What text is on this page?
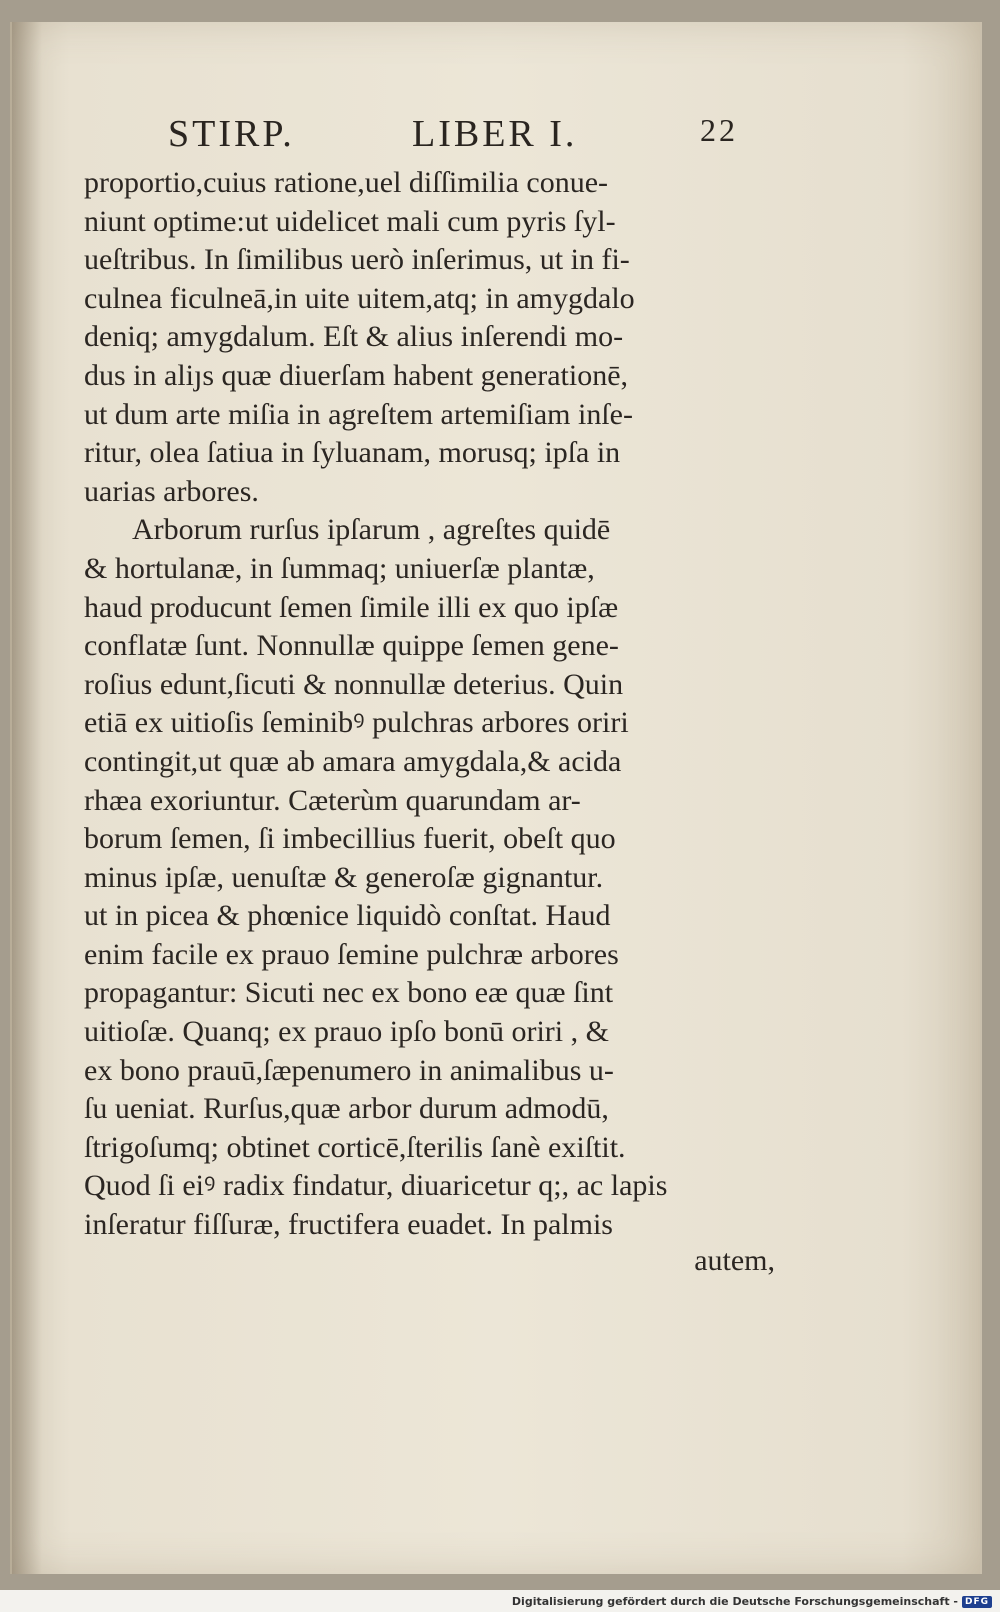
STIRP.	LIBER I.	22
proportio,cuius ratione,uel diſſimilia conue-
niunt optime:ut uidelicet mali cum pyris ſyl-
ueſtribus. In ſimilibus uerò inſerimus, ut in fi-
culnea ficulneā,in uite uitem,atq; in amygdalo
deniq; amygdalum. Eſt & alius inſerendi mo-
dus in aliȷs quæ diuerſam habent generationē,
ut dum arte miſia in agreſtem artemiſiam inſe-
ritur, olea ſatiua in ſyluanam, morusq; ipſa in
uarias arbores.
Arborum rurſus ipſarum , agreſtes quidē
& hortulanæ, in ſummaq; uniuerſæ plantæ,
haud producunt ſemen ſimile illi ex quo ipſæ
conflatæ ſunt. Nonnullæ quippe ſemen gene-
roſius edunt,ſicuti & nonnullæ deterius. Quin
etiā ex uitioſis ſeminibꝰ pulchras arbores oriri
contingit,ut quæ ab amara amygdala,& acida
rhæa exoriuntur. Cæterùm quarundam ar-
borum ſemen, ſi imbecillius fuerit, obeſt quo
minus ipſæ, uenuſtæ & generoſæ gignantur.
ut in picea & phœnice liquidò conſtat. Haud
enim facile ex prauo ſemine pulchræ arbores
propagantur: Sicuti nec ex bono eæ quæ ſint
uitioſæ. Quanq; ex prauo ipſo bonū oriri , &
ex bono prauū,ſæpenumero in animalibus u-
ſu ueniat. Rurſus,quæ arbor durum admodū,
ſtrigoſumq; obtinet corticē,ſterilis ſanè exiſtit.
Quod ſi eiꝰ radix findatur, diuaricetur q;, ac lapis
inſeratur fiſſuræ, fructifera euadet. In palmis
autem,
Digitalisierung gefördert durch die Deutsche Forschungsgemeinschaft - DFG
